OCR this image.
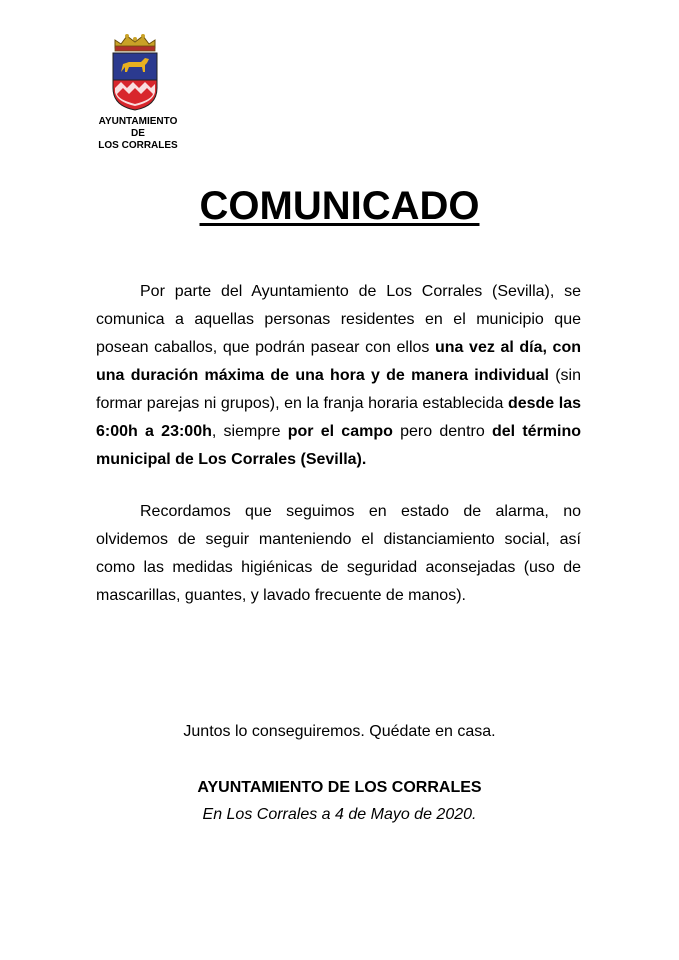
AYUNTAMIENTO
DE
LOS CORRALES
COMUNICADO
Por parte del Ayuntamiento de Los Corrales (Sevilla), se comunica a aquellas personas residentes en el municipio que posean caballos, que podrán pasear con ellos una vez al día, con una duración máxima de una hora y de manera individual (sin formar parejas ni grupos), en la franja horaria establecida desde las 6:00h a 23:00h, siempre por el campo pero dentro del término municipal de Los Corrales (Sevilla).
Recordamos que seguimos en estado de alarma, no olvidemos de seguir manteniendo el distanciamiento social, así como las medidas higiénicas de seguridad aconsejadas (uso de mascarillas, guantes, y lavado frecuente de manos).
Juntos lo conseguiremos. Quédate en casa.
AYUNTAMIENTO DE LOS CORRALES
En Los Corrales a 4 de Mayo de 2020.
